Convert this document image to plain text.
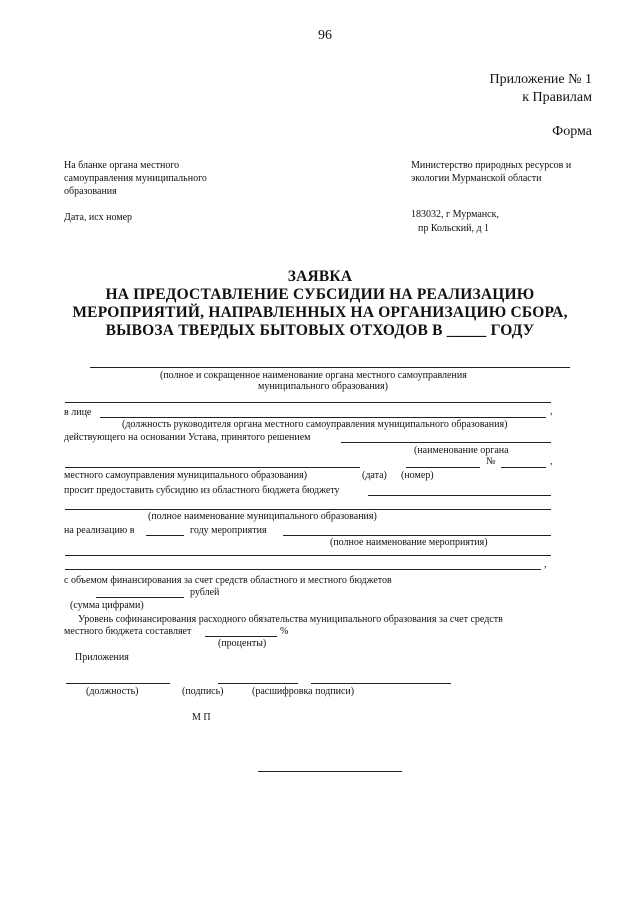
96
Приложение № 1
к Правилам
Форма
На бланке органа местного
самоуправления муниципального
образования
Дата, исх номер
Министерство природных ресурсов и
экологии Мурманской области
183032, г Мурманск,
пр Кольский, д 1
ЗАЯВКА
НА ПРЕДОСТАВЛЕНИЕ СУБСИДИИ НА РЕАЛИЗАЦИЮ
МЕРОПРИЯТИЙ, НАПРАВЛЕННЫХ НА ОРГАНИЗАЦИЮ СБОРА,
ВЫВОЗА ТВЕРДЫХ БЫТОВЫХ ОТХОДОВ В _____ ГОДУ
(полное и сокращенное наименование органа местного самоуправления
муниципального образования)
в лице	,
(должность руководителя органа местного самоуправления муниципального образования)
действующего на основании Устава, принятого решением
(наименование органа
№	,
местного самоуправления муниципального образования)	(дата) (номер)
просит предоставить субсидию из областного бюджета бюджету
(полное наименование муниципального образования)
на реализацию в	году мероприятия
(полное наименование мероприятия)
,
с объемом финансирования за счет средств областного и местного бюджетов
рублей
(сумма цифрами)
Уровень софинансирования расходного обязательства муниципального образования за счет средств
местного бюджета составляет	%
(проценты)
Приложения
(должность)	(подпись)	(расшифровка подписи)
М П
